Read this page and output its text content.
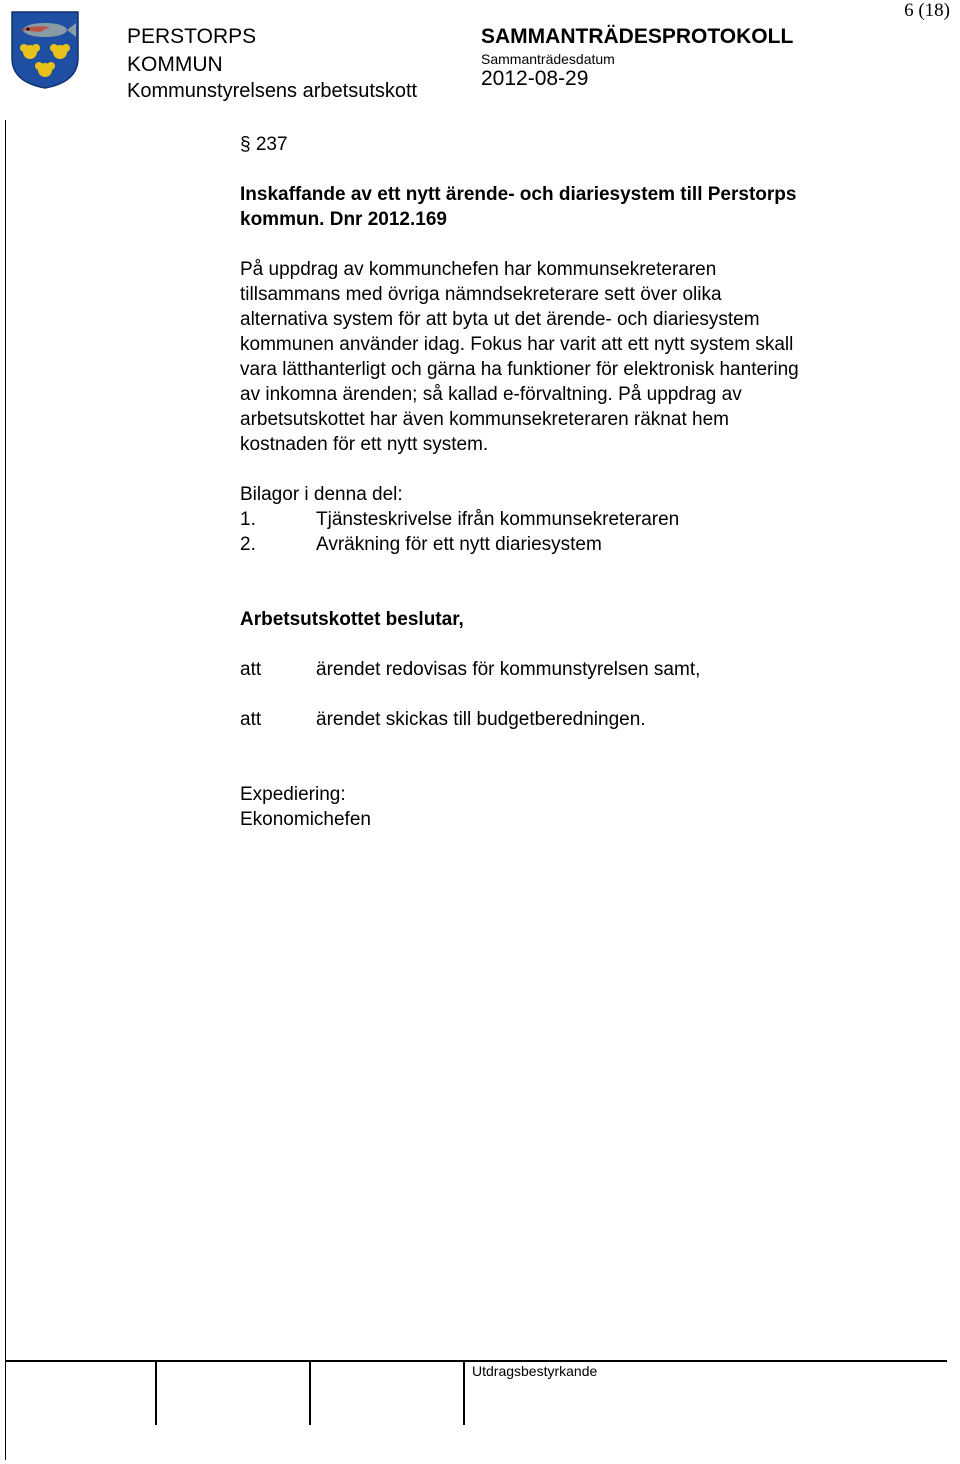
PERSTORPS
KOMMUN
Kommunstyrelsens arbetsutskott
SAMMANTRÄDESPROTOKOLL
Sammanträdesdatum
2012-08-29
6 (18)
§ 237
Inskaffande av ett nytt ärende- och diariesystem till Perstorps
kommun. Dnr 2012.169
På uppdrag av kommunchefen har kommunsekreteraren
tillsammans med övriga nämndsekreterare sett över olika
alternativa system för att byta ut det ärende- och diariesystem
kommunen använder idag. Fokus har varit att ett nytt system skall
vara lätthanterligt och gärna ha funktioner för elektronisk hantering
av inkomna ärenden; så kallad e-förvaltning. På uppdrag av
arbetsutskottet har även kommunsekreteraren räknat hem
kostnaden för ett nytt system.
Bilagor i denna del:
1.	Tjänsteskrivelse ifrån kommunsekreteraren
2.	Avräkning för ett nytt diariesystem
Arbetsutskottet beslutar,
att	ärendet redovisas för kommunstyrelsen samt,
att	ärendet skickas till budgetberedningen.
Expediering:
Ekonomichefen
Utdragsbestyrkande
